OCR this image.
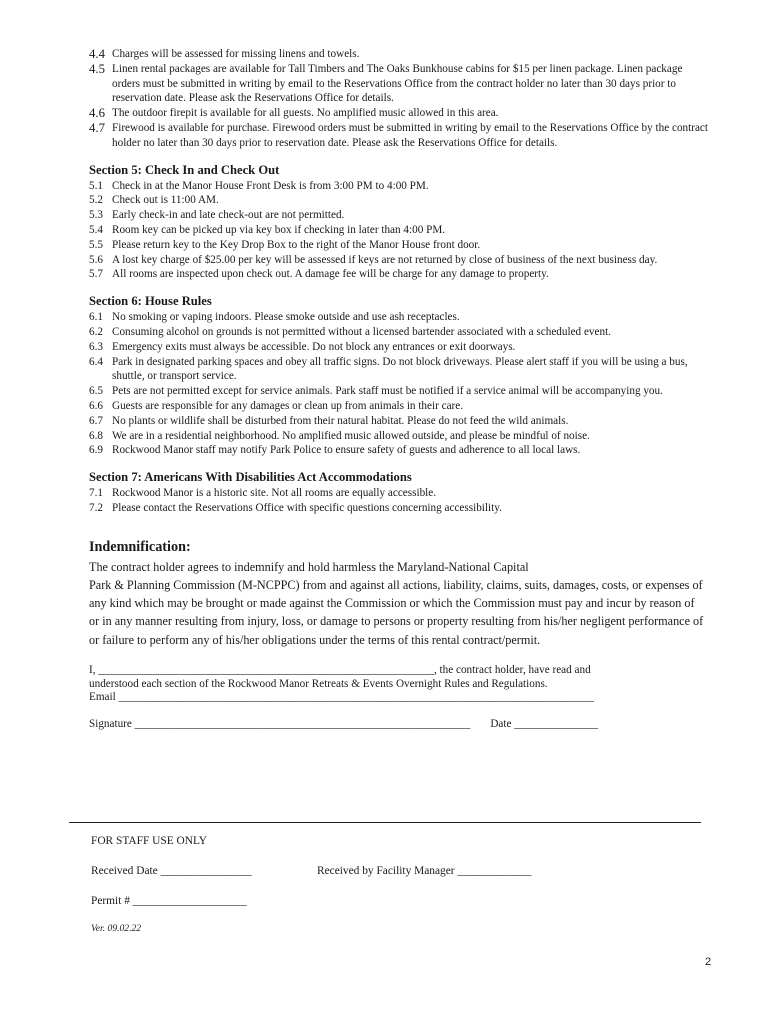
4.4 Charges will be assessed for missing linens and towels.
4.5 Linen rental packages are available for Tall Timbers and The Oaks Bunkhouse cabins for $15 per linen package. Linen package orders must be submitted in writing by email to the Reservations Office from the contract holder no later than 30 days prior to reservation date. Please ask the Reservations Office for details.
4.6 The outdoor firepit is available for all guests. No amplified music allowed in this area.
4.7 Firewood is available for purchase. Firewood orders must be submitted in writing by email to the Reservations Office by the contract holder no later than 30 days prior to reservation date. Please ask the Reservations Office for details.
Section 5: Check In and Check Out
5.1 Check in at the Manor House Front Desk is from 3:00 PM to 4:00 PM.
5.2 Check out is 11:00 AM.
5.3 Early check-in and late check-out are not permitted.
5.4 Room key can be picked up via key box if checking in later than 4:00 PM.
5.5 Please return key to the Key Drop Box to the right of the Manor House front door.
5.6 A lost key charge of $25.00 per key will be assessed if keys are not returned by close of business of the next business day.
5.7 All rooms are inspected upon check out. A damage fee will be charge for any damage to property.
Section 6: House Rules
6.1 No smoking or vaping indoors. Please smoke outside and use ash receptacles.
6.2 Consuming alcohol on grounds is not permitted without a licensed bartender associated with a scheduled event.
6.3 Emergency exits must always be accessible. Do not block any entrances or exit doorways.
6.4 Park in designated parking spaces and obey all traffic signs. Do not block driveways. Please alert staff if you will be using a bus, shuttle, or transport service.
6.5 Pets are not permitted except for service animals. Park staff must be notified if a service animal will be accompanying you.
6.6 Guests are responsible for any damages or clean up from animals in their care.
6.7 No plants or wildlife shall be disturbed from their natural habitat. Please do not feed the wild animals.
6.8 We are in a residential neighborhood. No amplified music allowed outside, and please be mindful of noise.
6.9 Rockwood Manor staff may notify Park Police to ensure safety of guests and adherence to all local laws.
Section 7: Americans With Disabilities Act Accommodations
7.1 Rockwood Manor is a historic site. Not all rooms are equally accessible.
7.2 Please contact the Reservations Office with specific questions concerning accessibility.
Indemnification:
The contract holder agrees to indemnify and hold harmless the Maryland-National Capital
Park & Planning Commission (M-NCPPC) from and against all actions, liability, claims, suits, damages, costs, or expenses of any kind which may be brought or made against the Commission or which the Commission must pay and incur by reason of or in any manner resulting from injury, loss, or damage to persons or property resulting from his/her negligent performance of or failure to perform any of his/her obligations under the terms of this rental contract/permit.
I, ____________________________________________________________, the contract holder, have read and
understood each section of the Rockwood Manor Retreats & Events Overnight Rules and Regulations.
Email _____________________________________________________________________________________
Signature ____________________________________________________________ Date _______________
FOR STAFF USE ONLY
Received Date ________________	Received by Facility Manager _____________
Permit # ____________________
Ver. 09.02.22
2
